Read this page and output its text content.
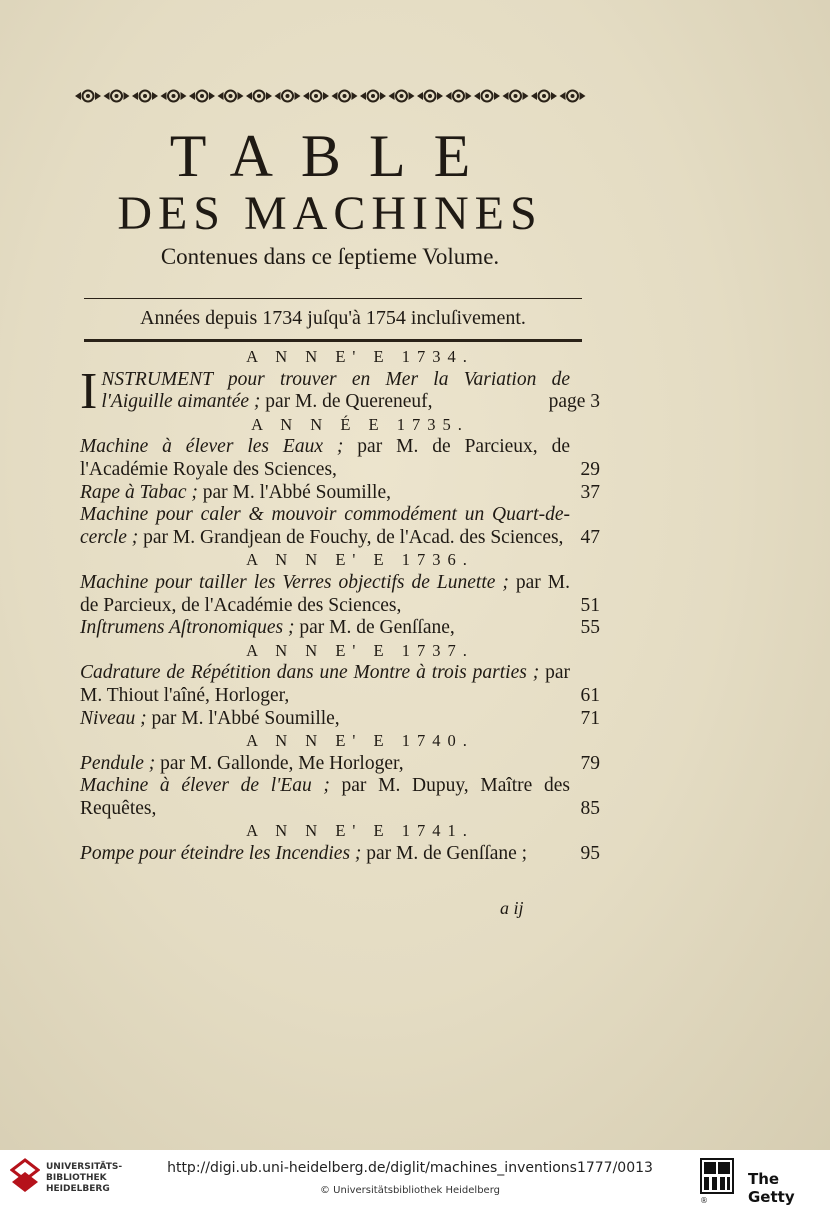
TABLE
DES MACHINES
Contenues dans ce ſeptieme Volume.
Années depuis 1734 juſqu'à 1754 incluſivement.
A N N E' E 1734.
I NSTRUMENT pour trouver en Mer la Variation de l'Aiguille aimantée ; par M. de Quereneuf,	page 3
A N N É E 1735.
Machine à élever les Eaux ; par M. de Parcieux, de l'Académie Royale des Sciences,	29
Rape à Tabac ; par M. l'Abbé Soumille,	37
Machine pour caler & mouvoir commodément un Quart-de-cercle ; par M. Grandjean de Fouchy, de l'Acad. des Sciences, 47
A N N E' E 1736.
Machine pour tailler les Verres objectifs de Lunette ; par M. de Parcieux, de l'Académie des Sciences,	51
Inſtrumens Aſtronomiques ; par M. de Genſſane,	55
A N N E' E 1737.
Cadrature de Répétition dans une Montre à trois parties ; par M. Thiout l'aîné, Horloger,	61
Niveau ; par M. l'Abbé Soumille,	71
A N N E' E 1740.
Pendule ; par M. Gallonde, Me Horloger,	79
Machine à élever de l'Eau ; par M. Dupuy, Maître des Requêtes,	85
A N N E' E 1741.
Pompe pour éteindre les Incendies ; par M. de Genſſane ;	95
a ij
UNIVERSITÄTS-
BIBLIOTHEK
HEIDELBERG
http://digi.ub.uni-heidelberg.de/diglit/machines_inventions1777/0013
© Universitätsbibliothek Heidelberg
The Getty
®
